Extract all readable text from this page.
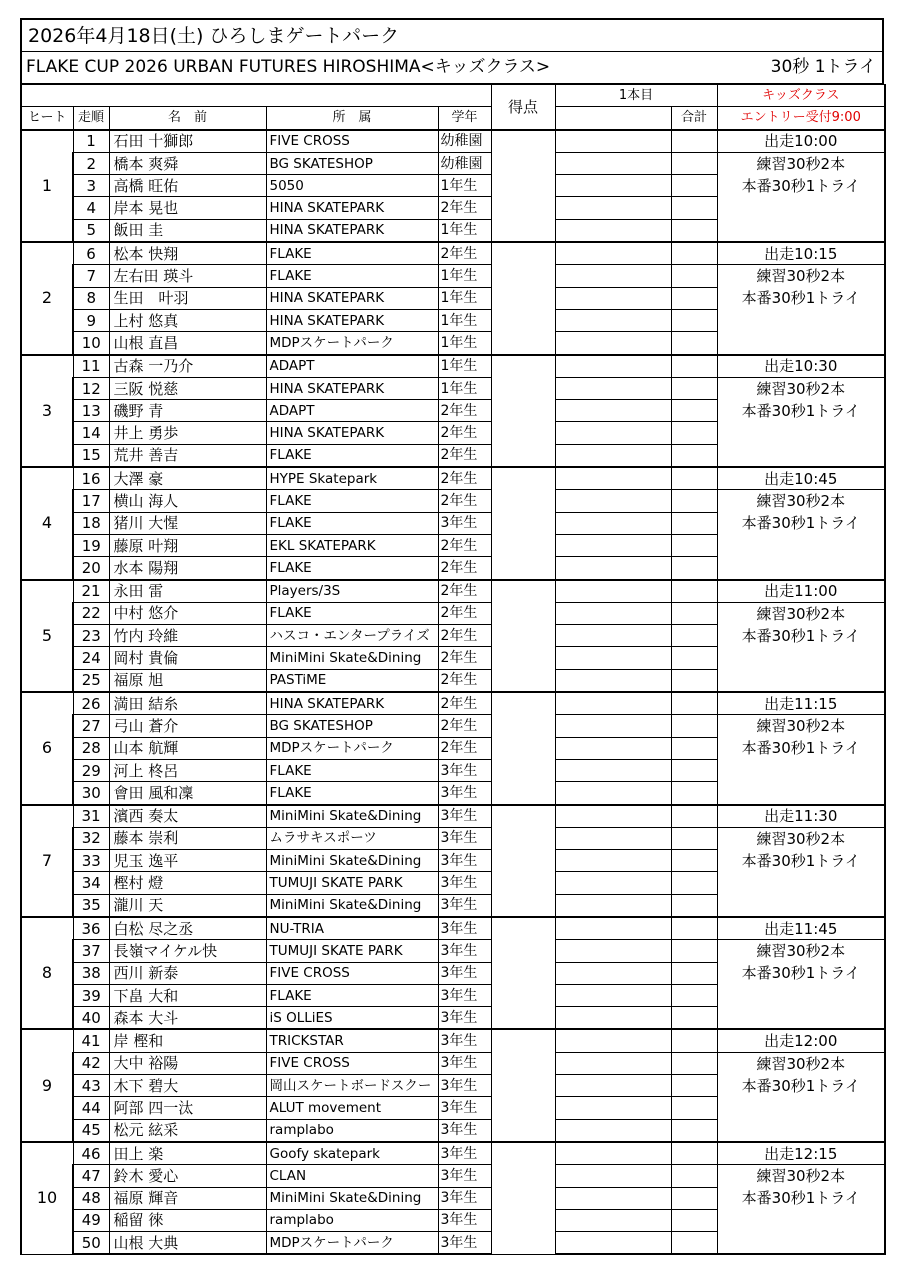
2026年4月18日(土) ひろしまゲートパーク
FLAKE CUP 2026 URBAN FUTURES HIROSHIMA<キッズクラス>	30秒 1トライ
					得点	1本目		キッズクラス
ヒート	走順	名　前	所　属	学年			合計	エントリー受付9:00
1	1	石田 十獅郎	FIVE CROSS	幼稚園				出走10:00
	2	橋本 爽舜	BG SKATESHOP	幼稚園				練習30秒2本
	3	高橋 旺佑	5050	1年生				本番30秒1トライ
	4	岸本 晃也	HINA SKATEPARK	2年生				
	5	飯田 圭	HINA SKATEPARK	1年生				
2	6	松本 快翔	FLAKE	2年生				出走10:15
	7	左右田 瑛斗	FLAKE	1年生				練習30秒2本
	8	生田　叶羽	HINA SKATEPARK	1年生				本番30秒1トライ
	9	上村 悠真	HINA SKATEPARK	1年生				
	10	山根 直昌	MDPスケートパーク	1年生				
3	11	古森 一乃介	ADAPT	1年生				出走10:30
	12	三阪 悦慈	HINA SKATEPARK	1年生				練習30秒2本
	13	磯野 青	ADAPT	2年生				本番30秒1トライ
	14	井上 勇歩	HINA SKATEPARK	2年生				
	15	荒井 善吉	FLAKE	2年生				
4	16	大澤 豪	HYPE Skatepark	2年生				出走10:45
	17	横山 海人	FLAKE	2年生				練習30秒2本
	18	猪川 大惺	FLAKE	3年生				本番30秒1トライ
	19	藤原 叶翔	EKL SKATEPARK	2年生				
	20	水本 陽翔	FLAKE	2年生				
5	21	永田 雷	Players/3S	2年生				出走11:00
	22	中村 悠介	FLAKE	2年生				練習30秒2本
	23	竹内 玲維	ハスコ・エンタープライズ	2年生				本番30秒1トライ
	24	岡村 貴倫	MiniMini Skate&Dining	2年生				
	25	福原 旭	PASTiME	2年生				
6	26	満田 結糸	HINA SKATEPARK	2年生				出走11:15
	27	弓山 蒼介	BG SKATESHOP	2年生				練習30秒2本
	28	山本 航輝	MDPスケートパーク	2年生				本番30秒1トライ
	29	河上 柊呂	FLAKE	3年生				
	30	會田 風和凜	FLAKE	3年生				
7	31	濱西 奏太	MiniMini Skate&Dining	3年生				出走11:30
	32	藤本 崇利	ムラサキスポーツ	3年生				練習30秒2本
	33	児玉 逸平	MiniMini Skate&Dining	3年生				本番30秒1トライ
	34	樫村 燈	TUMUJI SKATE PARK	3年生				
	35	瀧川 天	MiniMini Skate&Dining	3年生				
8	36	白松 尽之丞	NU-TRIA	3年生				出走11:45
	37	長嶺マイケル快	TUMUJI SKATE PARK	3年生				練習30秒2本
	38	西川 新泰	FIVE CROSS	3年生				本番30秒1トライ
	39	下畠 大和	FLAKE	3年生				
	40	森本 大斗	iS OLLiES	3年生				
9	41	岸 樫和	TRICKSTAR	3年生				出走12:00
	42	大中 裕陽	FIVE CROSS	3年生				練習30秒2本
	43	木下 碧大	岡山スケートボードスクー	3年生				本番30秒1トライ
	44	阿部 四一汰	ALUT movement	3年生				
	45	松元 絃采	ramplabo	3年生				
10	46	田上 楽	Goofy skatepark	3年生				出走12:15
	47	鈴木 愛心	CLAN	3年生				練習30秒2本
	48	福原 輝音	MiniMini Skate&Dining	3年生				本番30秒1トライ
	49	稲留 徠	ramplabo	3年生				
	50	山根 大典	MDPスケートパーク	3年生				
